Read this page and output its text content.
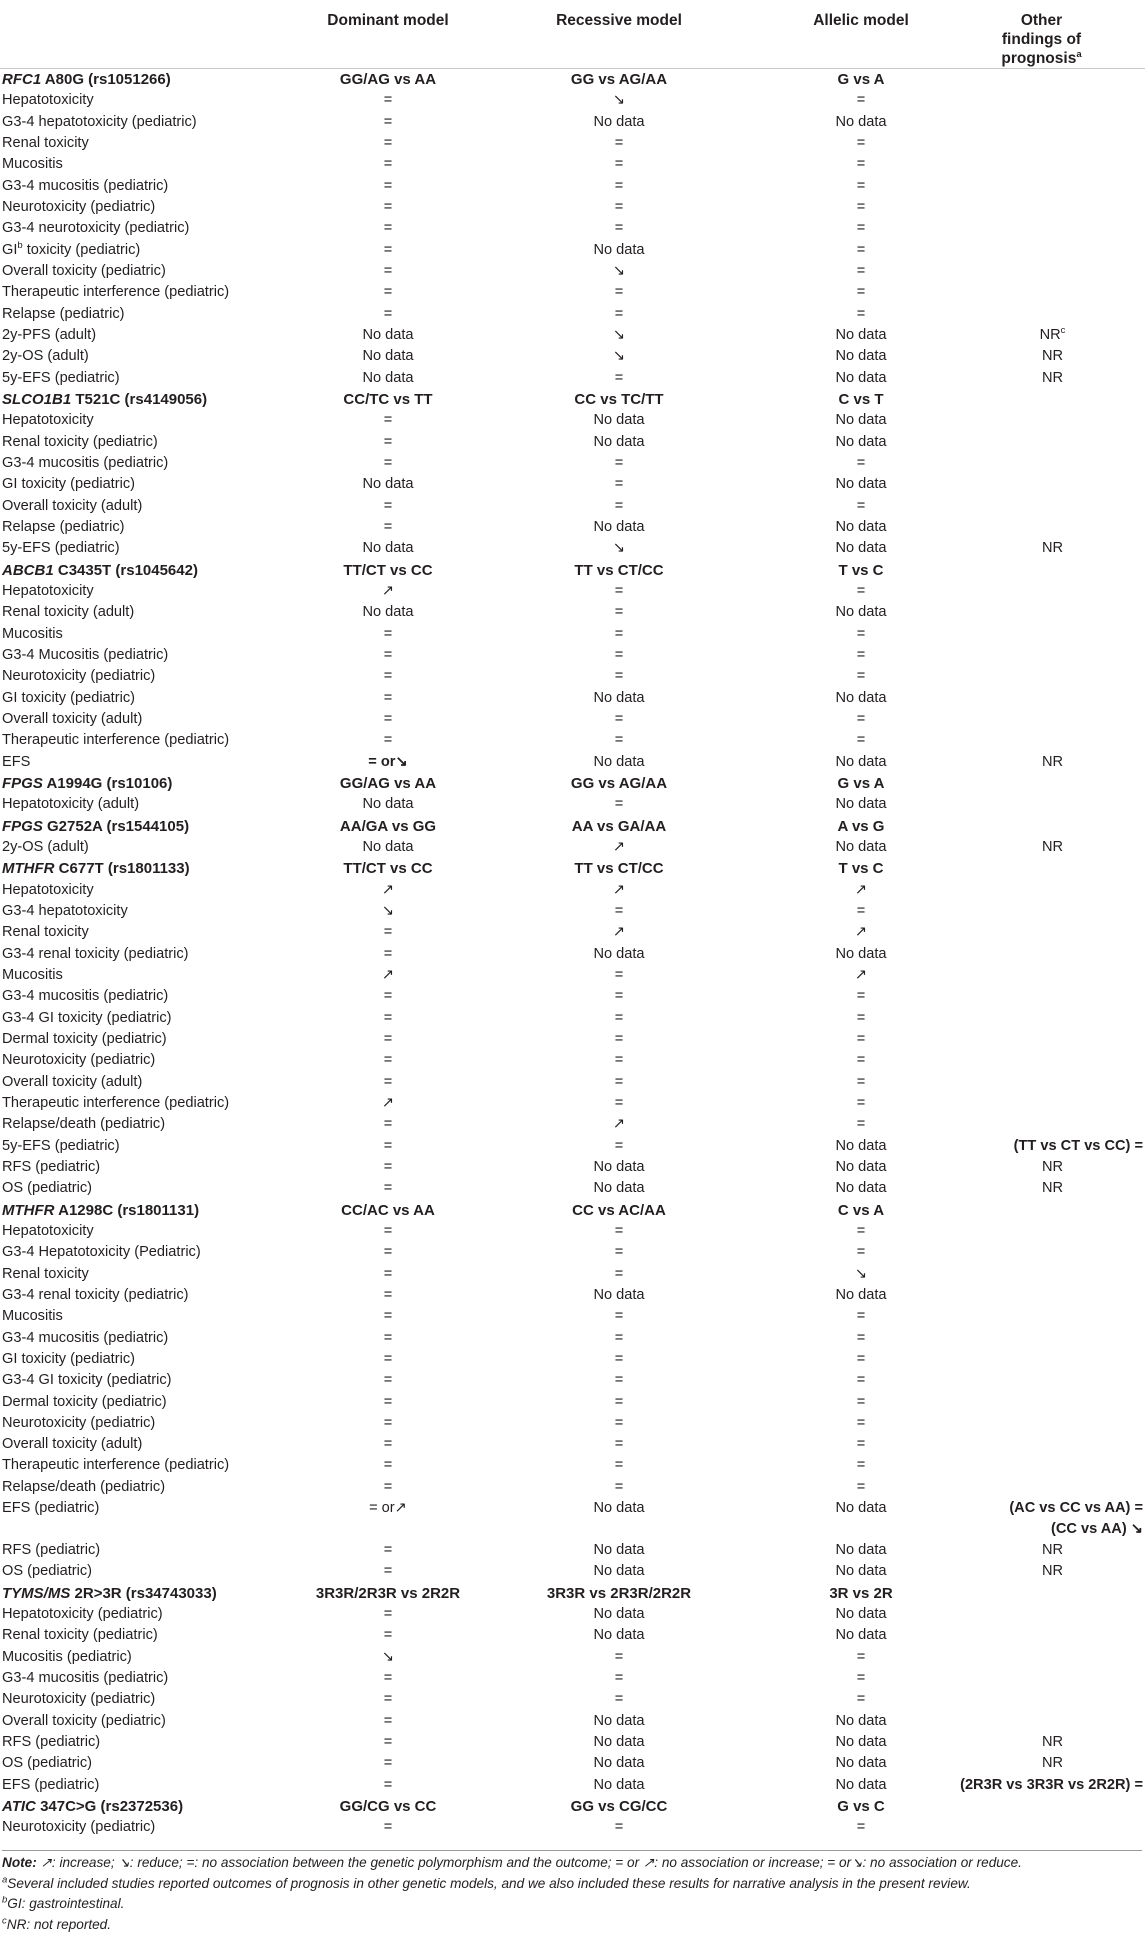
	Dominant model	Recessive model	Allelic model	Other
findings of prognosis$^a$
RFC1 A80G (rs1051266)	GG/AG vs AA	GG vs AG/AA	G vs A	
Hepatotoxicity	=	↘	=	
G3-4 hepatotoxicity (pediatric)	=	No data	No data	
Renal toxicity	=	=	=	
Mucositis	=	=	=	
G3-4 mucositis (pediatric)	=	=	=	
Neurotoxicity (pediatric)	=	=	=	
G3-4 neurotoxicity (pediatric)	=	=	=	
$GI^b$ toxicity (pediatric)	=	No data	=	
Overall toxicity (pediatric)	=	↘	=	
Therapeutic interference (pediatric)	=	=	=	
Relapse (pediatric)	=	=	=	
2y-PFS (adult)	No data	↘	No data	$NR^c$
2y-OS (adult)	No data	↘	No data	NR
5y-EFS (pediatric)	No data	=	No data	NR
SLCO1B1 T521C (rs4149056)	CC/TC vs TT	CC vs TC/TT	C vs T	
Hepatotoxicity	=	No data	No data	
Renal toxicity (pediatric)	=	No data	No data	
G3-4 mucositis (pediatric)	=	=	=	
GI toxicity (pediatric)	No data	=	No data	
Overall toxicity (adult)	=	=	=	
Relapse (pediatric)	=	No data	No data	
5y-EFS (pediatric)	No data	↘	No data	NR
ABCB1 C3435T (rs1045642)	TT/CT vs CC	TT vs CT/CC	T vs C	
Hepatotoxicity	↗	=	=	
Renal toxicity (adult)	No data	=	No data	
Mucositis	=	=	=	
G3-4 Mucositis (pediatric)	=	=	=	
Neurotoxicity (pediatric)	=	=	=	
GI toxicity (pediatric)	=	No data	No data	
Overall toxicity (adult)	=	=	=	
Therapeutic interference (pediatric)	=	=	=	
EFS	= or↘	No data	No data	NR
FPGS A1994G (rs10106)	GG/AG vs AA	GG vs AG/AA	G vs A	
Hepatotoxicity (adult)	No data	=	No data	
FPGS G2752A (rs1544105)	AA/GA vs GG	AA vs GA/AA	A vs G	
2y-OS (adult)	No data	↗	No data	NR
MTHFR C677T (rs1801133)	TT/CT vs CC	TT vs CT/CC	T vs C	
Hepatotoxicity	↗	↗	↗	
G3-4 hepatotoxicity	↘	=	=	
Renal toxicity	=	↗	↗	
G3-4 renal toxicity (pediatric)	=	No data	No data	
Mucositis	↗	=	↗	
G3-4 mucositis (pediatric)	=	=	=	
G3-4 GI toxicity (pediatric)	=	=	=	
Dermal toxicity (pediatric)	=	=	=	
Neurotoxicity (pediatric)	=	=	=	
Overall toxicity (adult)	=	=	=	
Therapeutic interference (pediatric)	↗	=	=	
Relapse/death (pediatric)	=	↗	=	
5y-EFS (pediatric)	=	=	No data	(TT vs CT vs CC) =
RFS (pediatric)	=	No data	No data	NR
OS (pediatric)	=	No data	No data	NR
MTHFR A1298C (rs1801131)	CC/AC vs AA	CC vs AC/AA	C vs A	
Hepatotoxicity	=	=	=	
G3-4 Hepatotoxicity (Pediatric)	=	=	=	
Renal toxicity	=	=	↘	
G3-4 renal toxicity (pediatric)	=	No data	No data	
Mucositis	=	=	=	
G3-4 mucositis (pediatric)	=	=	=	
GI toxicity (pediatric)	=	=	=	
G3-4 GI toxicity (pediatric)	=	=	=	
Dermal toxicity (pediatric)	=	=	=	
Neurotoxicity (pediatric)	=	=	=	
Overall toxicity (adult)	=	=	=	
Therapeutic interference (pediatric)	=	=	=	
Relapse/death (pediatric)	=	=	=	
EFS (pediatric)	= or↗	No data	No data	(AC vs CC vs AA) =
(CC vs AA) ↘
RFS (pediatric)	=	No data	No data	NR
OS (pediatric)	=	No data	No data	NR
TYMS/MS 2R>3R (rs34743033)	3R3R/2R3R vs 2R2R	3R3R vs 2R3R/2R2R	3R vs 2R	
Hepatotoxicity (pediatric)	=	No data	No data	
Renal toxicity (pediatric)	=	No data	No data	
Mucositis (pediatric)	↘	=	=	
G3-4 mucositis (pediatric)	=	=	=	
Neurotoxicity (pediatric)	=	=	=	
Overall toxicity (pediatric)	=	No data	No data	
RFS (pediatric)	=	No data	No data	NR
OS (pediatric)	=	No data	No data	NR
EFS (pediatric)	=	No data	No data	(2R3R vs 3R3R vs 2R2R) =
ATIC 347C>G (rs2372536)	GG/CG vs CC	GG vs CG/CC	G vs C	
Neurotoxicity (pediatric)	=	=	=	
Note: ↗: increase; ↘: reduce; =: no association between the genetic polymorphism and the outcome; = or ↗: no association or increase; = or↘: no association or reduce.
$^a$Several included studies reported outcomes of prognosis in other genetic models, and we also included these results for narrative analysis in the present review.
$^b$GI: gastrointestinal.
$^c$NR: not reported.
